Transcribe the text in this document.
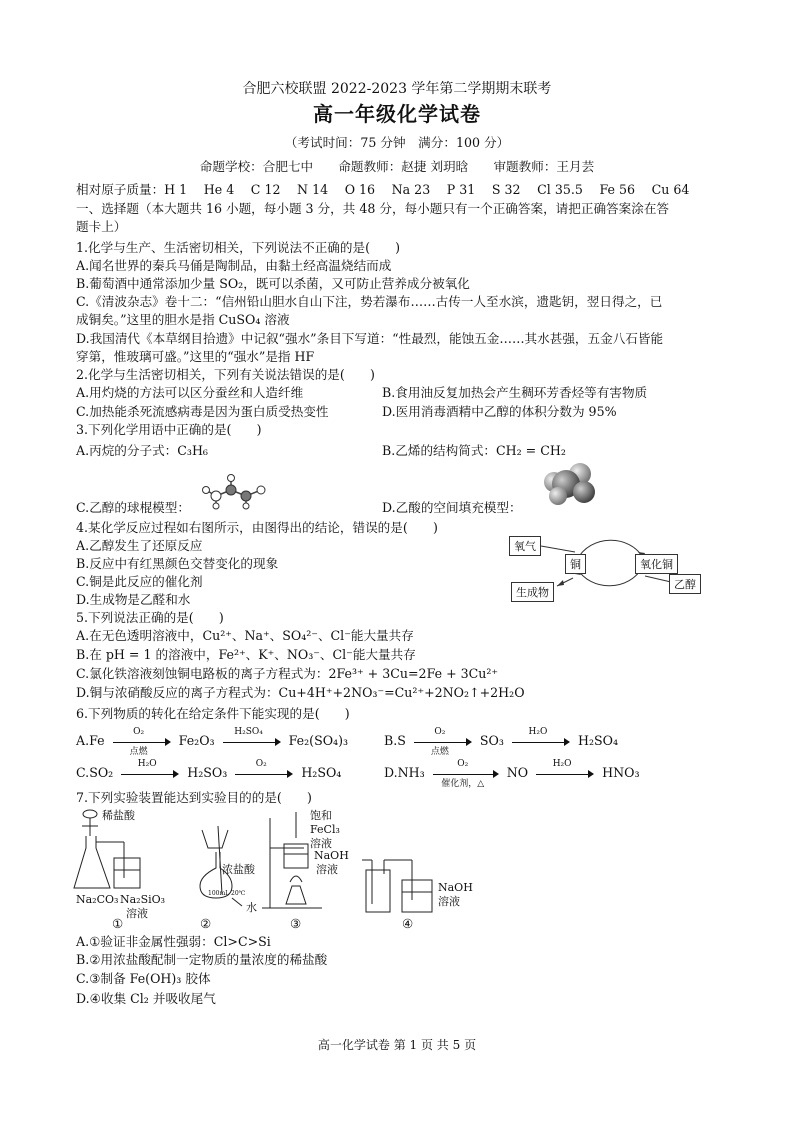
合肥六校联盟 2022-2023 学年第二学期期末联考
高一年级化学试卷
（考试时间：75 分钟　满分：100 分）
命题学校：合肥七中　　命题教师：赵捷 刘玥晗　　审题教师：王月芸
相对原子质量：H 1　 He 4　 C 12　 N 14　 O 16　 Na 23　 P 31　 S 32　 Cl 35.5　 Fe 56　 Cu 64
一、选择题（本大题共 16 小题，每小题 3 分，共 48 分，每小题只有一个正确答案，请把正确答案涂在答
题卡上）
1.化学与生产、生活密切相关，下列说法不正确的是(　　)
A.闻名世界的秦兵马俑是陶制品，由黏土经高温烧结而成
B.葡萄酒中通常添加少量 SO₂，既可以杀菌，又可防止营养成分被氧化
C.《清波杂志》卷十二：“信州铅山胆水自山下注，势若瀑布……古传一人至水滨，遗匙钥，翌日得之，已
成铜矣。”这里的胆水是指 CuSO₄ 溶液
D.我国清代《本草纲目拾遗》中记叙“强水”条目下写道：“性最烈，能蚀五金……其水甚强，五金八石皆能
穿第，惟玻璃可盛。”这里的“强水”是指 HF
2.化学与生活密切相关，下列有关说法错误的是(　　)
A.用灼烧的方法可以区分蚕丝和人造纤维	B.食用油反复加热会产生稠环芳香烃等有害物质
C.加热能杀死流感病毒是因为蛋白质受热变性	D.医用消毒酒精中乙醇的体积分数为 95%
3.下列化学用语中正确的是(　　)
A.丙烷的分子式：C₃H₆	B.乙烯的结构简式：CH₂ = CH₂
C.乙醇的球棍模型：	D.乙酸的空间填充模型：
4.某化学反应过程如右图所示，由图得出的结论，错误的是(　　)
A.乙醇发生了还原反应
B.反应中有红黑颜色交替变化的现象
C.铜是此反应的催化剂
D.生成物是乙醛和水
氧气
铜	氧化铜
乙醇
生成物
5.下列说法正确的是(　　)
A.在无色透明溶液中，Cu²⁺、Na⁺、SO₄²⁻、Cl⁻能大量共存
B.在 pH = 1 的溶液中，Fe²⁺、K⁺、NO₃⁻、Cl⁻能大量共存
C.氯化铁溶液刻蚀铜电路板的离子方程式为：2Fe³⁺ + 3Cu=2Fe + 3Cu²⁺
D.铜与浓硝酸反应的离子方程式为：Cu+4H⁺+2NO₃⁻=Cu²⁺+2NO₂↑+2H₂O
6.下列物质的转化在给定条件下能实现的是(　　)
A.Fe
O₂
点燃
Fe₂O₃
H₂SO₄
Fe₂(SO₄)₃	B.S
O₂
点燃
SO₃
H₂O
H₂SO₄
C.SO₂
H₂O
H₂SO₃
O₂
H₂SO₄	D.NH₃
O₂
催化剂，△
NO
H₂O
HNO₃
7.下列实验装置能达到实验目的的是(　　)
稀盐酸
Na₂CO₃ Na₂SiO₃
溶液
浓盐酸
100mL 20℃
水
饱和
FeCl₃
溶液
NaOH
溶液
NaOH
溶液
①	②	③	④
A.①验证非金属性强弱：Cl>C>Si
B.②用浓盐酸配制一定物质的量浓度的稀盐酸
C.③制备 Fe(OH)₃ 胶体
D.④收集 Cl₂ 并吸收尾气
高一化学试卷 第 1 页 共 5 页
